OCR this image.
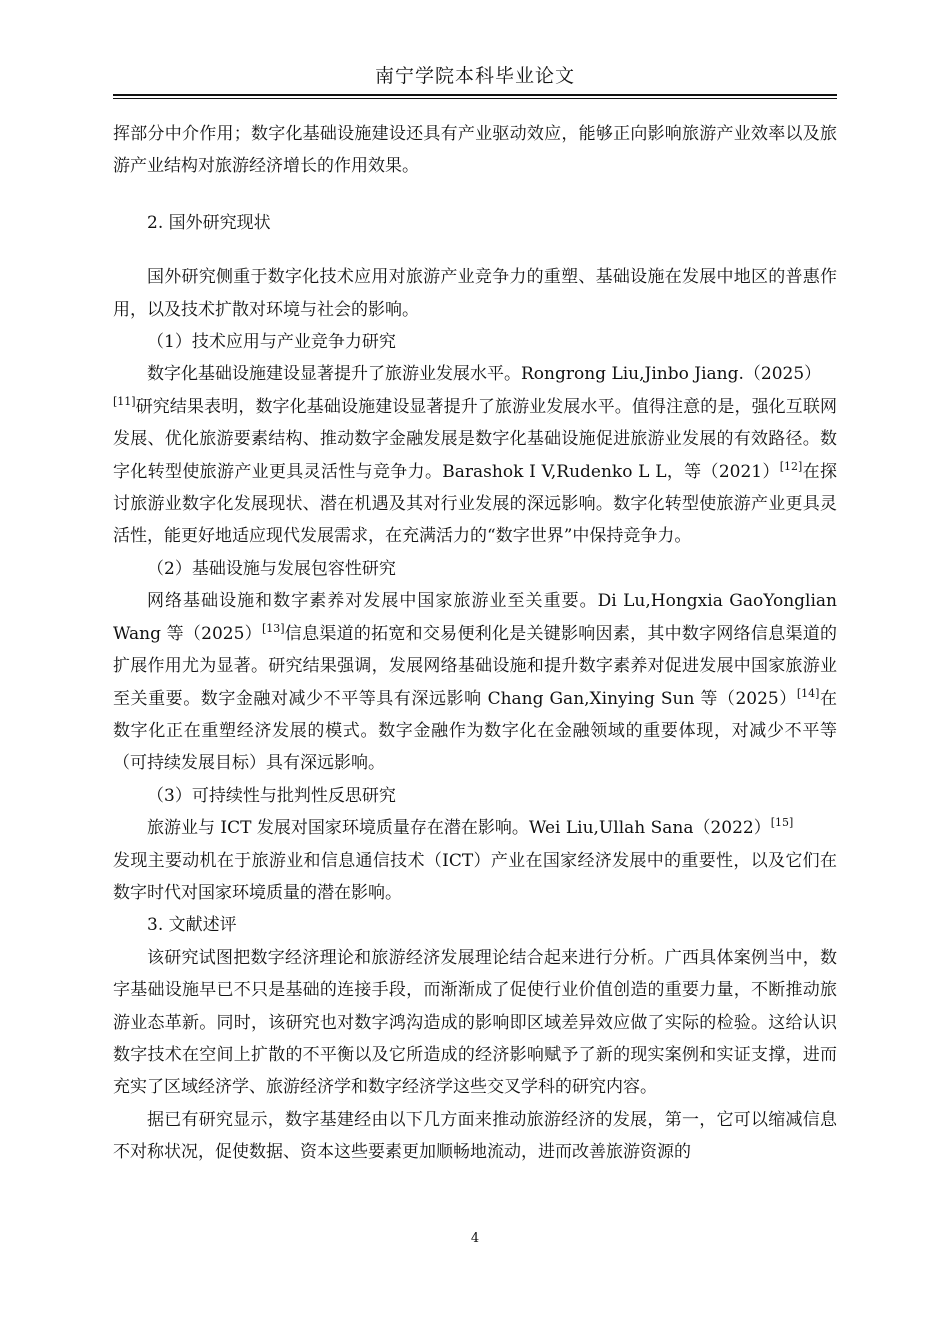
南宁学院本科毕业论文

挥部分中介作用；数字化基础设施建设还具有产业驱动效应，能够正向影响旅游产业效率以及旅游产业结构对旅游经济增长的作用效果。

2. 国外研究现状

国外研究侧重于数字化技术应用对旅游产业竞争力的重塑、基础设施在发展中地区的普惠作用，以及技术扩散对环境与社会的影响。

（1）技术应用与产业竞争力研究

数字化基础设施建设显著提升了旅游业发展水平。Rongrong Liu,Jinbo Jiang.（2025）
[11]研究结果表明，数字化基础设施建设显著提升了旅游业发展水平。值得注意的是，强化互联网发展、优化旅游要素结构、推动数字金融发展是数字化基础设施促进旅游业发展的有效路径。数字化转型使旅游产业更具灵活性与竞争力。Barashok I V,Rudenko L L，等（2021）[12]在探讨旅游业数字化发展现状、潜在机遇及其对行业发展的深远影响。数字化转型使旅游产业更具灵活性，能更好地适应现代发展需求，在充满活力的“数字世界”中保持竞争力。

（2）基础设施与发展包容性研究

网络基础设施和数字素养对发展中国家旅游业至关重要。Di Lu,Hongxia GaoYonglian Wang 等（2025）[13]信息渠道的拓宽和交易便利化是关键影响因素，其中数字网络信息渠道的扩展作用尤为显著。研究结果强调，发展网络基础设施和提升数字素养对促进发展中国家旅游业至关重要。数字金融对减少不平等具有深远影响 Chang Gan,Xinying Sun 等（2025）[14]在数字化正在重塑经济发展的模式。数字金融作为数字化在金融领域的重要体现，对减少不平等（可持续发展目标）具有深远影响。

（3）可持续性与批判性反思研究

旅游业与 ICT 发展对国家环境质量存在潜在影响。Wei Liu,Ullah Sana（2022）[15]
发现主要动机在于旅游业和信息通信技术（ICT）产业在国家经济发展中的重要性，以及它们在数字时代对国家环境质量的潜在影响。

3. 文献述评

该研究试图把数字经济理论和旅游经济发展理论结合起来进行分析。广西具体案例当中，数字基础设施早已不只是基础的连接手段，而渐渐成了促使行业价值创造的重要力量，不断推动旅游业态革新。同时，该研究也对数字鸿沟造成的影响即区域差异效应做了实际的检验。这给认识数字技术在空间上扩散的不平衡以及它所造成的经济影响赋予了新的现实案例和实证支撑，进而充实了区域经济学、旅游经济学和数字经济学这些交叉学科的研究内容。

据已有研究显示，数字基建经由以下几方面来推动旅游经济的发展，第一，它可以缩减信息不对称状况，促使数据、资本这些要素更加顺畅地流动，进而改善旅游资源的

4
